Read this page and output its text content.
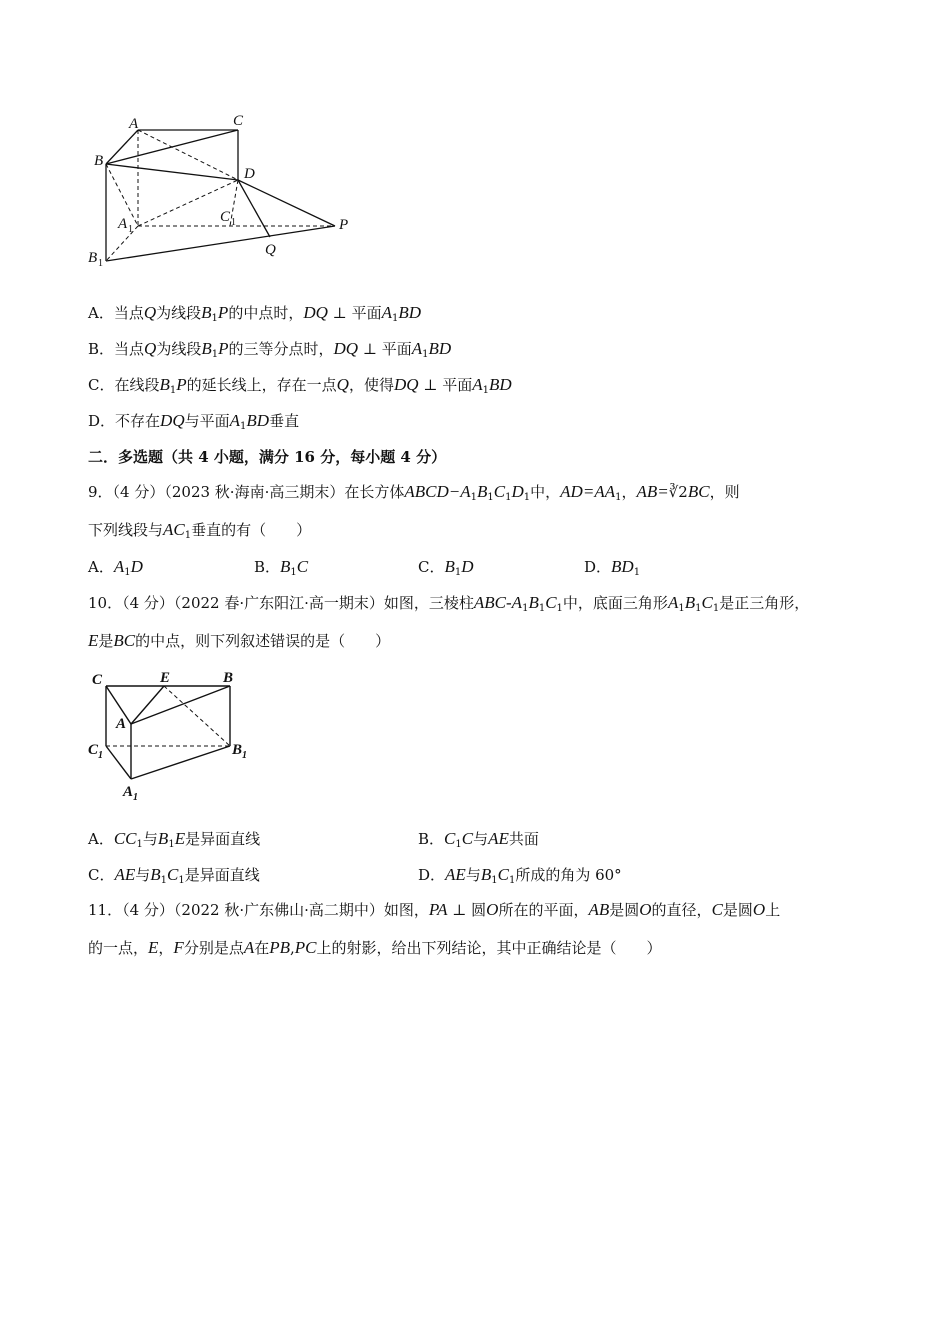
A	C
B
D
A 1
C 1
B 1
P
Q
A．当点Q为线段$B_1P$的中点时，DQ ⊥ 平面$A_1BD$
B．当点Q为线段$B_1P$的三等分点时，DQ ⊥ 平面$A_1BD$
C．在线段$B_1P$的延长线上，存在一点Q，使得DQ ⊥ 平面$A_1BD$
D．不存在DQ与平面$A_1BD$垂直
二．多选题（共 4 小题，满分 16 分，每小题 4 分）
9．（4 分）（2023 秋·海南·高三期末）在长方体$ABCD-A_1B_1C_1D_1$中，$AD=AA_1$，AB=∛2BC，则
下列线段与$AC_1$垂直的有（　　）
A．$A_1D$	B．$B_1C$	C．$B_1D$	D．$BD_1$
10．（4 分）（2022 春·广东阳江·高一期末）如图，三棱柱ABC-$A_1B_1C_1$中，底面三角形$A_1B_1C_1$是正三角形，
E是BC的中点，则下列叙述错误的是（　　）
C	E	B
A
C 1	B 1
A 1
A．$CC_1$与$B_1E$是异面直线	B．$C_1C$与AE共面
C．AE与$B_1C_1$是异面直线	D．AE与$B_1C_1$所成的角为 60°
11．（4 分）（2022 秋·广东佛山·高二期中）如图，PA ⊥ 圆O所在的平面，AB是圆O的直径，C是圆O上
的一点，E，F分别是点A在PB,PC上的射影，给出下列结论，其中正确结论是（　　）
